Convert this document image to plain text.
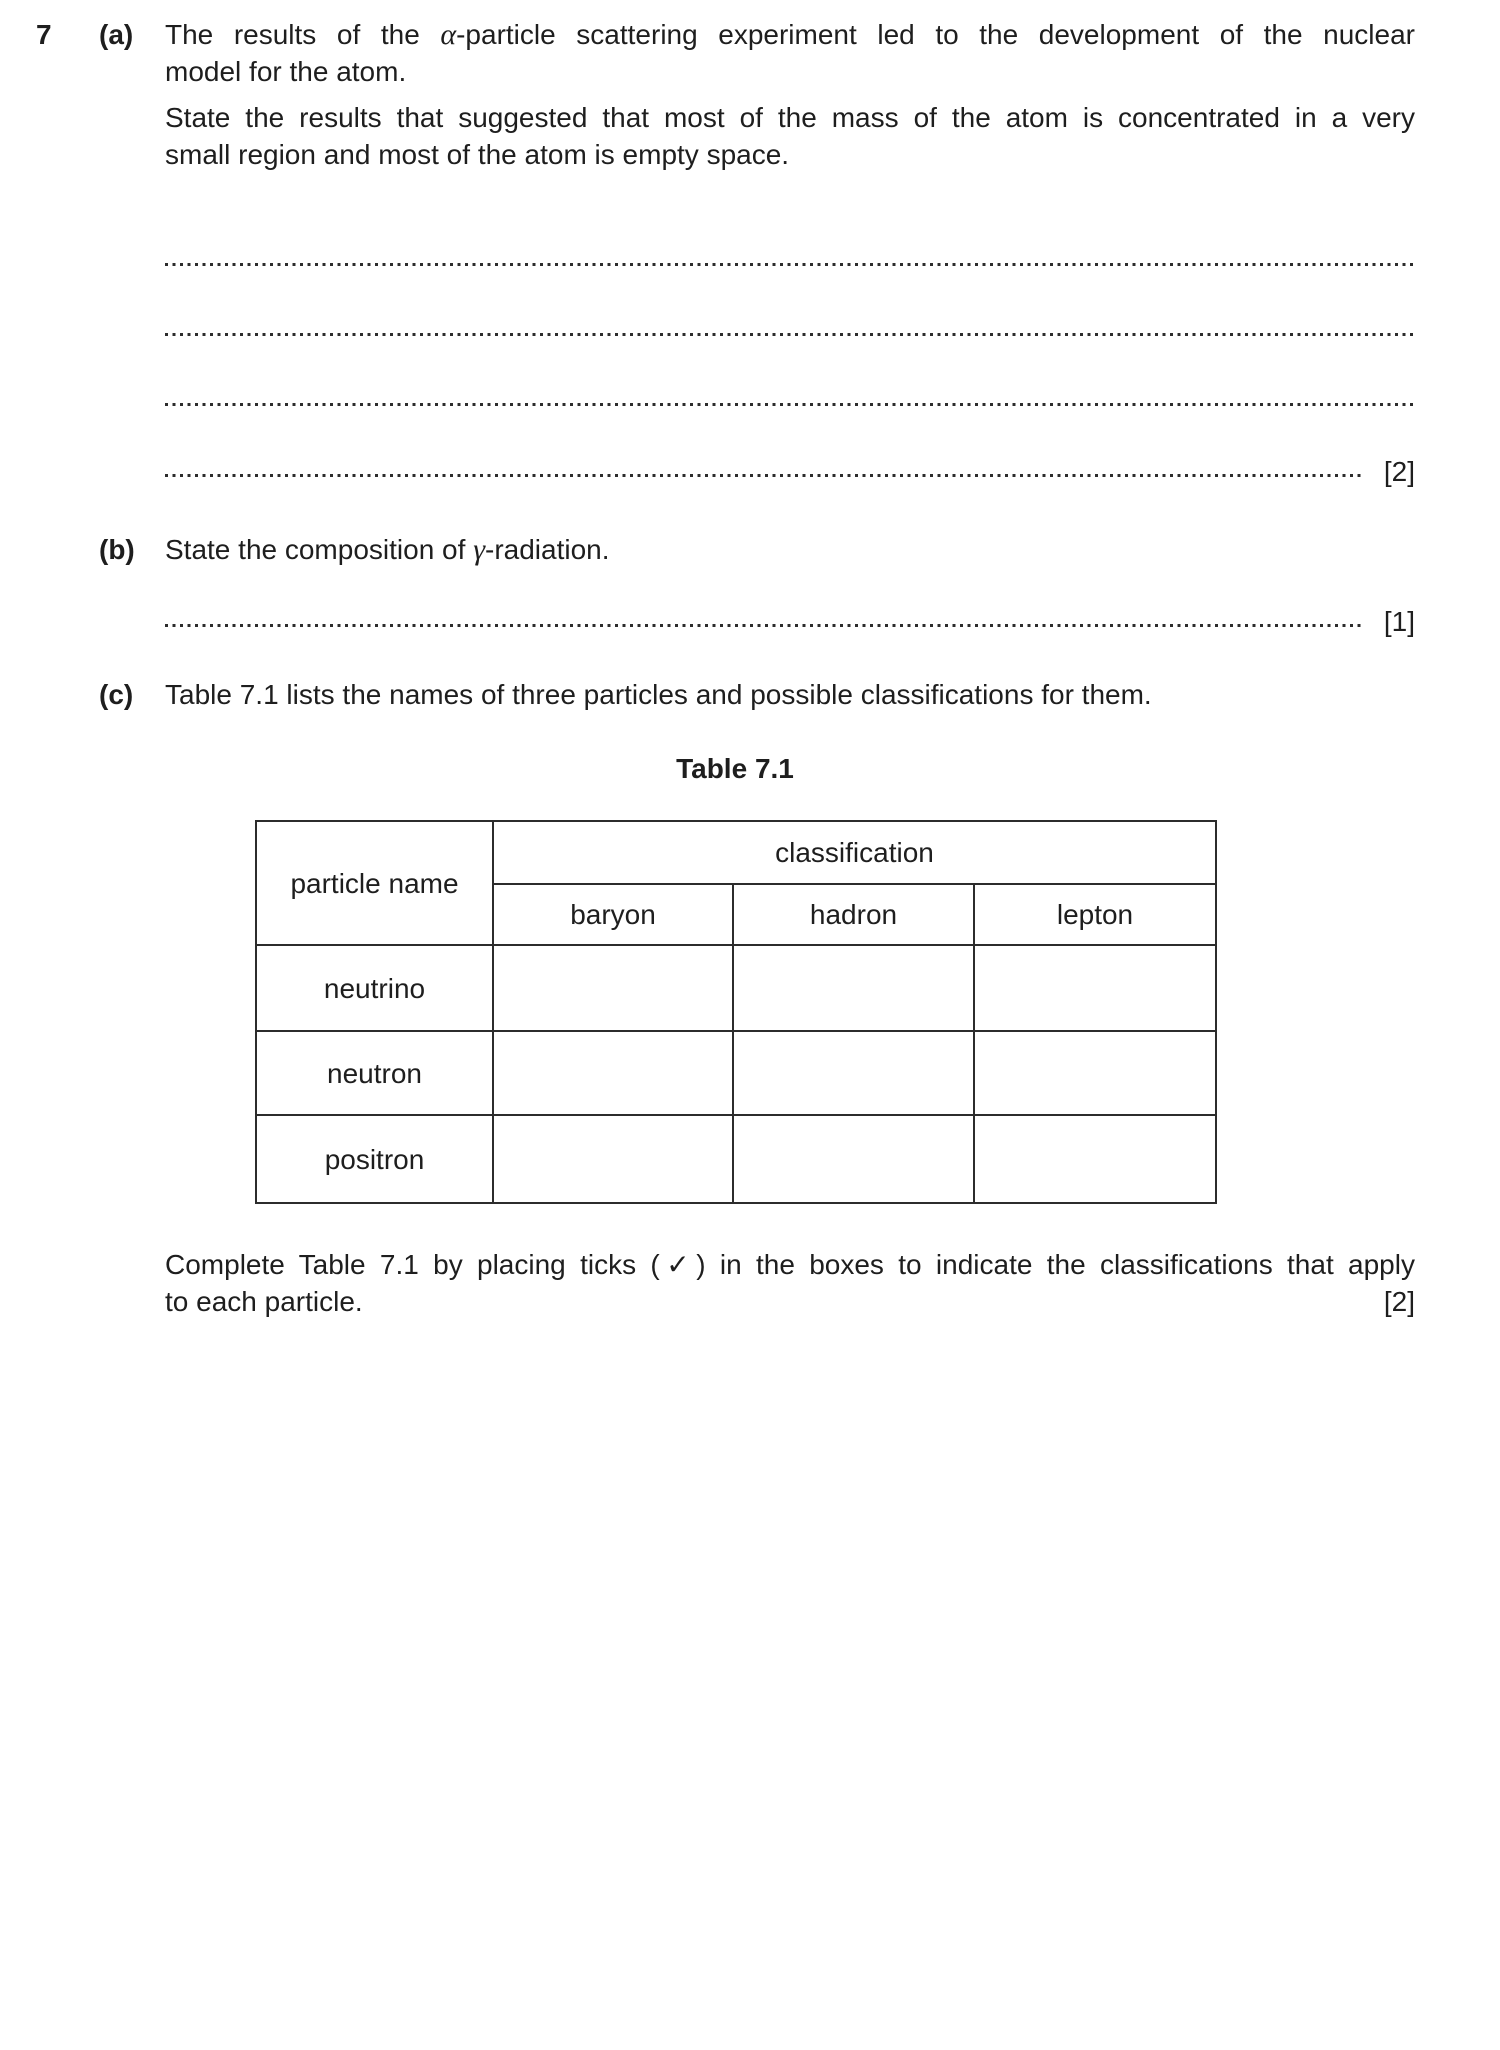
7 (a) The results of the α-particle scattering experiment led to the development of the nuclear
model for the atom.
State the results that suggested that most of the mass of the atom is concentrated in a very
small region and most of the atom is empty space.
[2]
(b) State the composition of γ-radiation.
[1]
(c) Table 7.1 lists the names of three particles and possible classifications for them.
Table 7.1
particle name	classification		
	baryon	hadron	lepton
neutrino			
neutron			
positron			
Complete Table 7.1 by placing ticks (✓) in the boxes to indicate the classifications that apply
to each particle.	[2]
